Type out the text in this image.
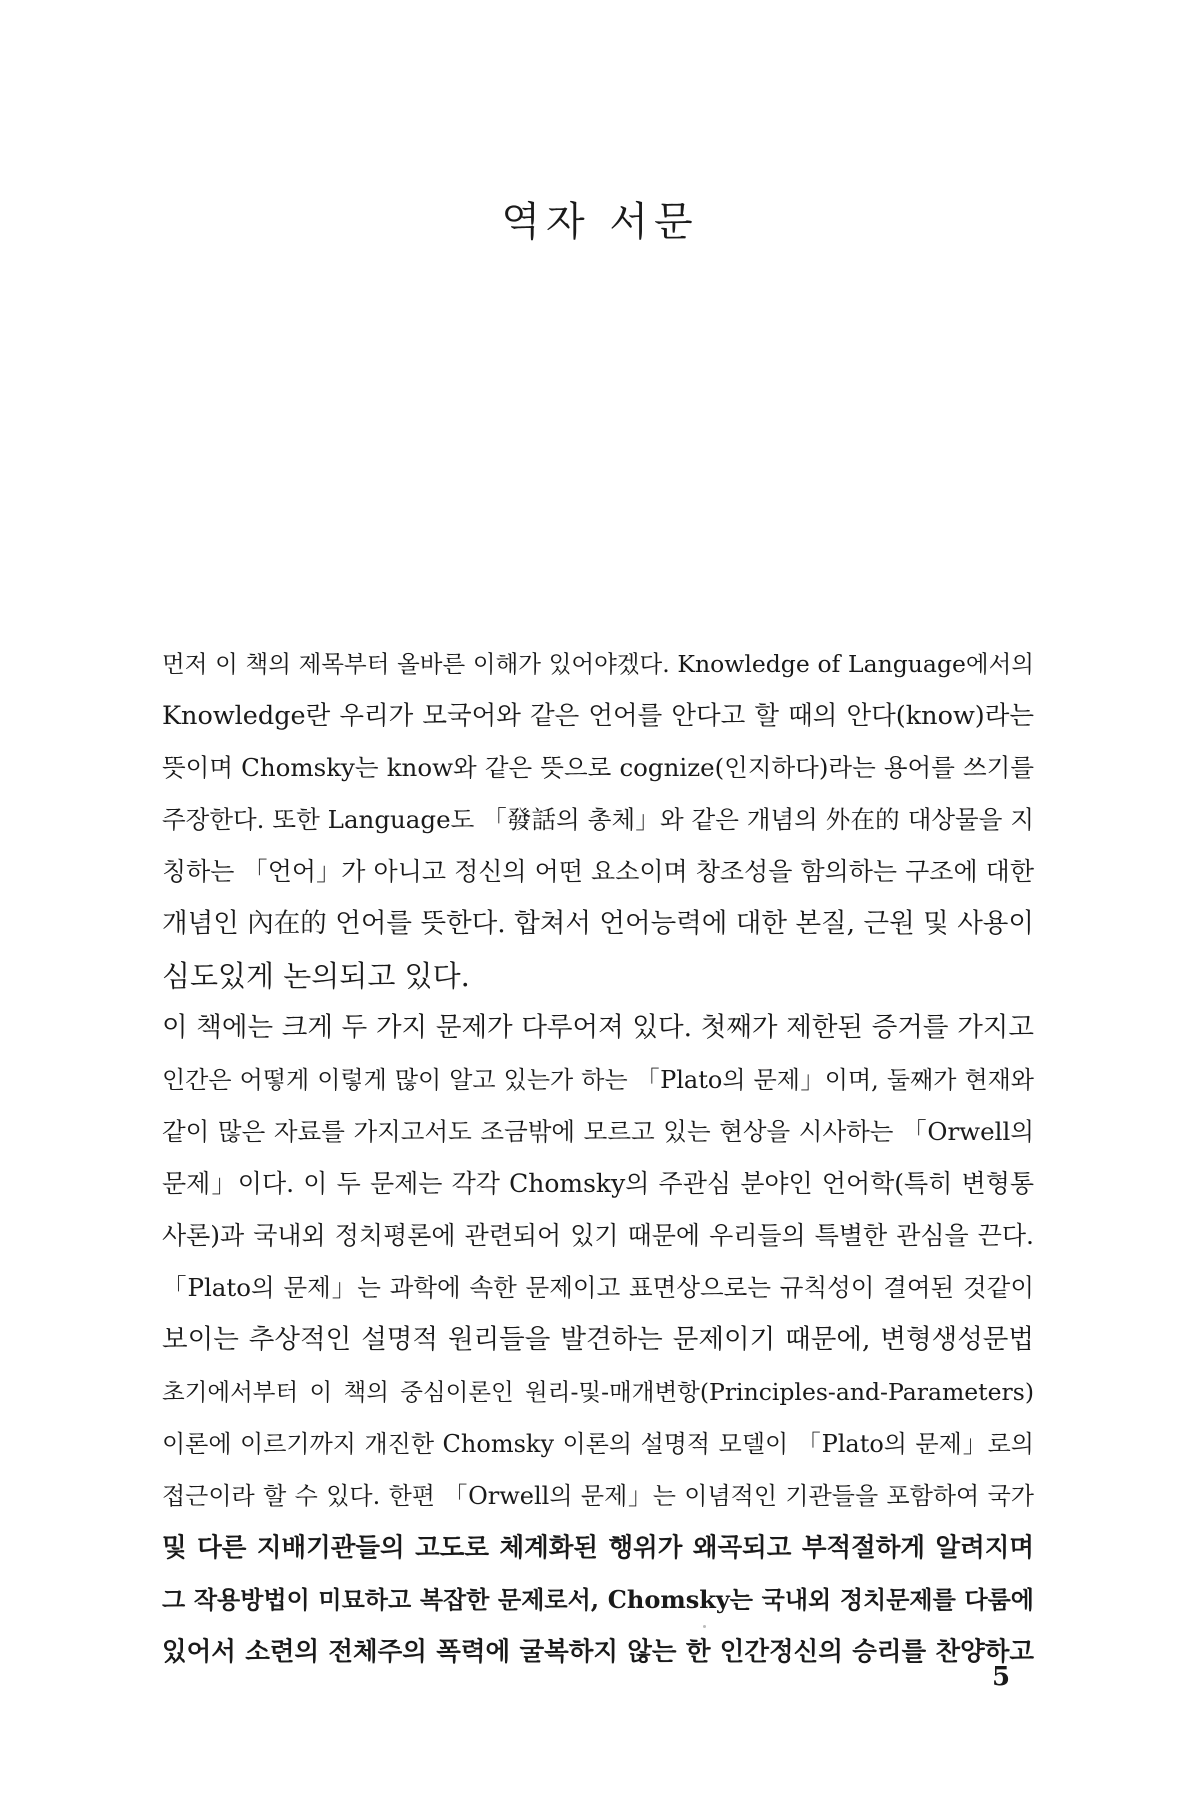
역자 서문
먼저 이 책의 제목부터 올바른 이해가 있어야겠다. Knowledge of Language에서의
Knowledge란 우리가 모국어와 같은 언어를 안다고 할 때의 안다(know)라는
뜻이며 Chomsky는 know와 같은 뜻으로 cognize(인지하다)라는 용어를 쓰기를
주장한다. 또한 Language도 「發話의 총체」와 같은 개념의 外在的 대상물을 지
칭하는 「언어」가 아니고 정신의 어떤 요소이며 창조성을 함의하는 구조에 대한
개념인 內在的 언어를 뜻한다. 합쳐서 언어능력에 대한 본질, 근원 및 사용이
심도있게 논의되고 있다.
이 책에는 크게 두 가지 문제가 다루어져 있다. 첫째가 제한된 증거를 가지고
인간은 어떻게 이렇게 많이 알고 있는가 하는 「Plato의 문제」이며, 둘째가 현재와
같이 많은 자료를 가지고서도 조금밖에 모르고 있는 현상을 시사하는 「Orwell의
문제」이다. 이 두 문제는 각각 Chomsky의 주관심 분야인 언어학(특히 변형통
사론)과 국내외 정치평론에 관련되어 있기 때문에 우리들의 특별한 관심을 끈다.
「Plato의 문제」는 과학에 속한 문제이고 표면상으로는 규칙성이 결여된 것같이
보이는 추상적인 설명적 원리들을 발견하는 문제이기 때문에, 변형생성문법
초기에서부터 이 책의 중심이론인 원리-및-매개변항(Principles-and-Parameters)
이론에 이르기까지 개진한 Chomsky 이론의 설명적 모델이 「Plato의 문제」로의
접근이라 할 수 있다. 한편 「Orwell의 문제」는 이념적인 기관들을 포함하여 국가
및 다른 지배기관들의 고도로 체계화된 행위가 왜곡되고 부적절하게 알려지며
그 작용방법이 미묘하고 복잡한 문제로서, Chomsky는 국내외 정치문제를 다룸에
있어서 소련의 전체주의 폭력에 굴복하지 않는 한 인간정신의 승리를 찬양하고
5
